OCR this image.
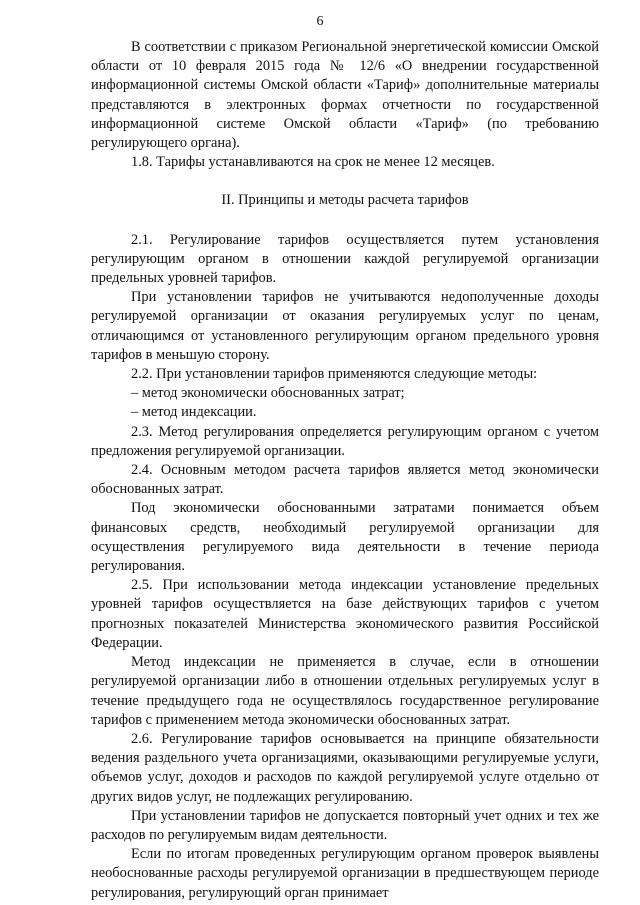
6

В соответствии с приказом Региональной энергетической комиссии Омской области от 10 февраля 2015 года № 12/6 «О внедрении государственной информационной системы Омской области «Тариф» дополнительные материалы представляются в электронных формах отчетности по государственной информационной системе Омской области «Тариф» (по требованию регулирующего органа).

1.8. Тарифы устанавливаются на срок не менее 12 месяцев.

II. Принципы и методы расчета тарифов

2.1. Регулирование тарифов осуществляется путем установления регулирующим органом в отношении каждой регулируемой организации предельных уровней тарифов.

При установлении тарифов не учитываются недополученные доходы регулируемой организации от оказания регулируемых услуг по ценам, отличающимся от установленного регулирующим органом предельного уровня тарифов в меньшую сторону.

2.2. При установлении тарифов применяются следующие методы:

– метод экономически обоснованных затрат;

– метод индексации.

2.3. Метод регулирования определяется регулирующим органом с учетом предложения регулируемой организации.

2.4. Основным методом расчета тарифов является метод экономически обоснованных затрат.

Под экономически обоснованными затратами понимается объем финансовых средств, необходимый регулируемой организации для осуществления регулируемого вида деятельности в течение периода регулирования.

2.5. При использовании метода индексации установление предельных уровней тарифов осуществляется на базе действующих тарифов с учетом прогнозных показателей Министерства экономического развития Российской Федерации.

Метод индексации не применяется в случае, если в отношении регулируемой организации либо в отношении отдельных регулируемых услуг в течение предыдущего года не осуществлялось государственное регулирование тарифов с применением метода экономически обоснованных затрат.

2.6. Регулирование тарифов основывается на принципе обязательности ведения раздельного учета организациями, оказывающими регулируемые услуги, объемов услуг, доходов и расходов по каждой регулируемой услуге отдельно от других видов услуг, не подлежащих регулированию.

При установлении тарифов не допускается повторный учет одних и тех же расходов по регулируемым видам деятельности.

Если по итогам проведенных регулирующим органом проверок выявлены необоснованные расходы регулируемой организации в предшествующем периоде регулирования, регулирующий орган принимает
